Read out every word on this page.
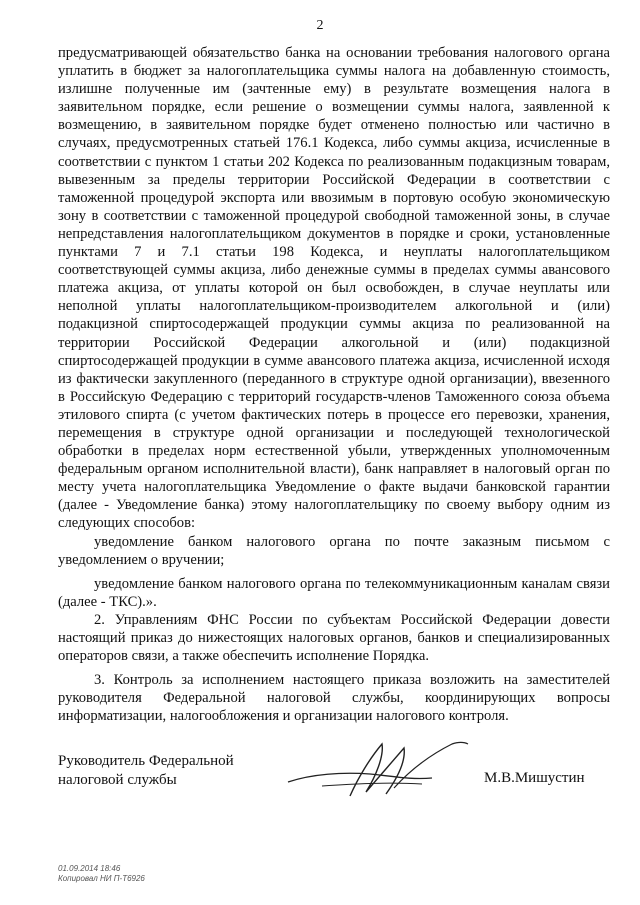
2

предусматривающей обязательство банка на основании требования налогового органа уплатить в бюджет за налогоплательщика суммы налога на добавленную стоимость, излишне полученные им (зачтенные ему) в результате возмещения налога в заявительном порядке, если решение о возмещении суммы налога, заявленной к возмещению, в заявительном порядке будет отменено полностью или частично в случаях, предусмотренных статьей 176.1 Кодекса, либо суммы акциза, исчисленные в соответствии с пунктом 1 статьи 202 Кодекса по реализованным подакцизным товарам, вывезенным за пределы территории Российской Федерации в соответствии с таможенной процедурой экспорта или ввозимым в портовую особую экономическую зону в соответствии с таможенной процедурой свободной таможенной зоны, в случае непредставления налогоплательщиком документов в порядке и сроки, установленные пунктами 7 и 7.1 статьи 198 Кодекса, и неуплаты налогоплательщиком соответствующей суммы акциза, либо денежные суммы в пределах суммы авансового платежа акциза, от уплаты которой он был освобожден, в случае неуплаты или неполной уплаты налогоплательщиком-производителем алкогольной и (или) подакцизной спиртосодержащей продукции суммы акциза по реализованной на территории Российской Федерации алкогольной и (или) подакцизной спиртосодержащей продукции в сумме авансового платежа акциза, исчисленной исходя из фактически закупленного (переданного в структуре одной организации), ввезенного в Российскую Федерацию с территорий государств-членов Таможенного союза объема этилового спирта (с учетом фактических потерь в процессе его перевозки, хранения, перемещения в структуре одной организации и последующей технологической обработки в пределах норм естественной убыли, утвержденных уполномоченным федеральным органом исполнительной власти), банк направляет в налоговый орган по месту учета налогоплательщика Уведомление о факте выдачи банковской гарантии (далее - Уведомление банка) этому налогоплательщику по своему выбору одним из следующих способов:

уведомление банком налогового органа по почте заказным письмом с уведомлением о вручении;

уведомление банком налогового органа по телекоммуникационным каналам связи (далее - ТКС).».

2. Управлениям ФНС России по субъектам Российской Федерации довести настоящий приказ до нижестоящих налоговых органов, банков и специализированных операторов связи, а также обеспечить исполнение Порядка.

3. Контроль за исполнением настоящего приказа возложить на заместителей руководителя Федеральной налоговой службы, координирующих вопросы информатизации, налогообложения и организации налогового контроля.

Руководитель Федеральной
налоговой службы	М.В.Мишустин
01.09.2014 18:46
Копировал НИ П-Т6926
